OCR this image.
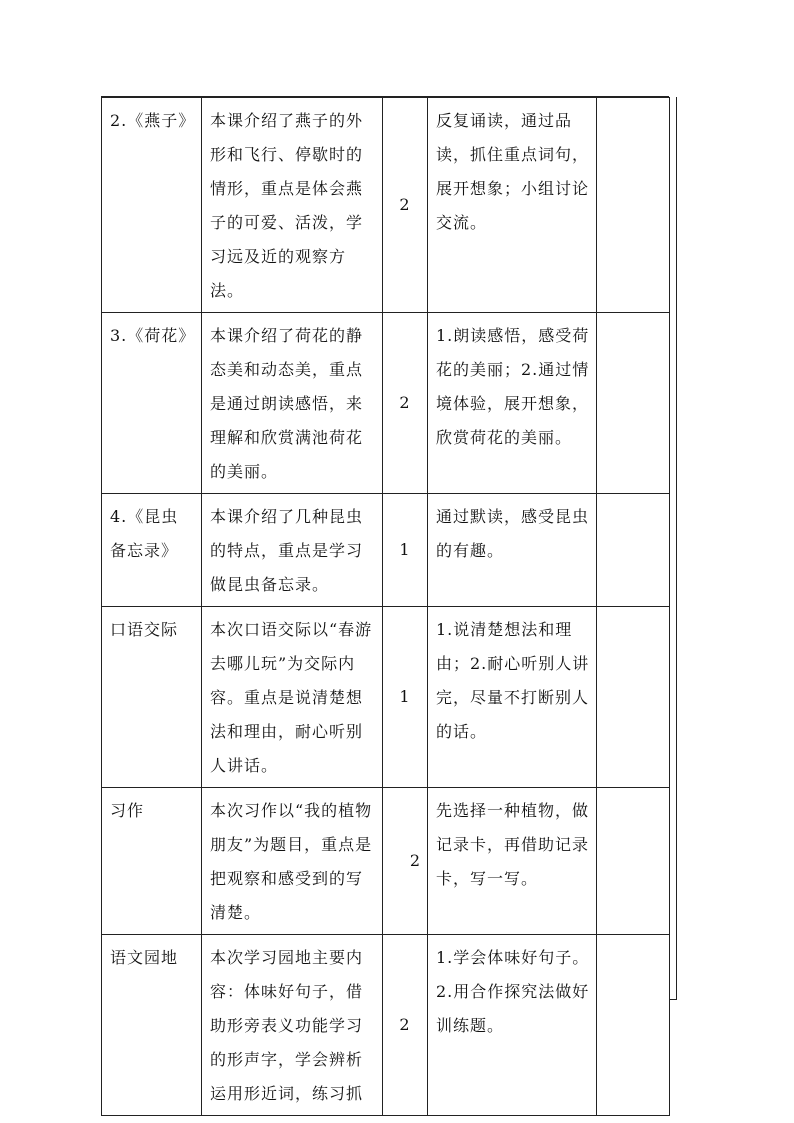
2.《燕子》	本课介绍了燕子的外形和飞行、停歇时的情形，重点是体会燕子的可爱、活泼，学习远及近的观察方法。	2	反复诵读，通过品读，抓住重点词句，展开想象；小组讨论交流。	
3.《荷花》	本课介绍了荷花的静态美和动态美，重点是通过朗读感悟，来理解和欣赏满池荷花的美丽。	2	1.朗读感悟，感受荷花的美丽；2.通过情境体验，展开想象，欣赏荷花的美丽。	
4.《昆虫备忘录》	本课介绍了几种昆虫的特点，重点是学习做昆虫备忘录。	1	通过默读，感受昆虫的有趣。	
口语交际	本次口语交际以“春游去哪儿玩”为交际内容。重点是说清楚想法和理由，耐心听别人讲话。	1	1.说清楚想法和理由；2.耐心听别人讲完，尽量不打断别人的话。	
习作	本次习作以“我的植物朋友”为题目，重点是把观察和感受到的写清楚。	2	先选择一种植物，做记录卡，再借助记录卡，写一写。	
语文园地	本次学习园地主要内容：体味好句子，借助形旁表义功能学习的形声字，学会辨析运用形近词，练习抓	2	1.学会体味好句子。2.用合作探究法做好训练题。	
